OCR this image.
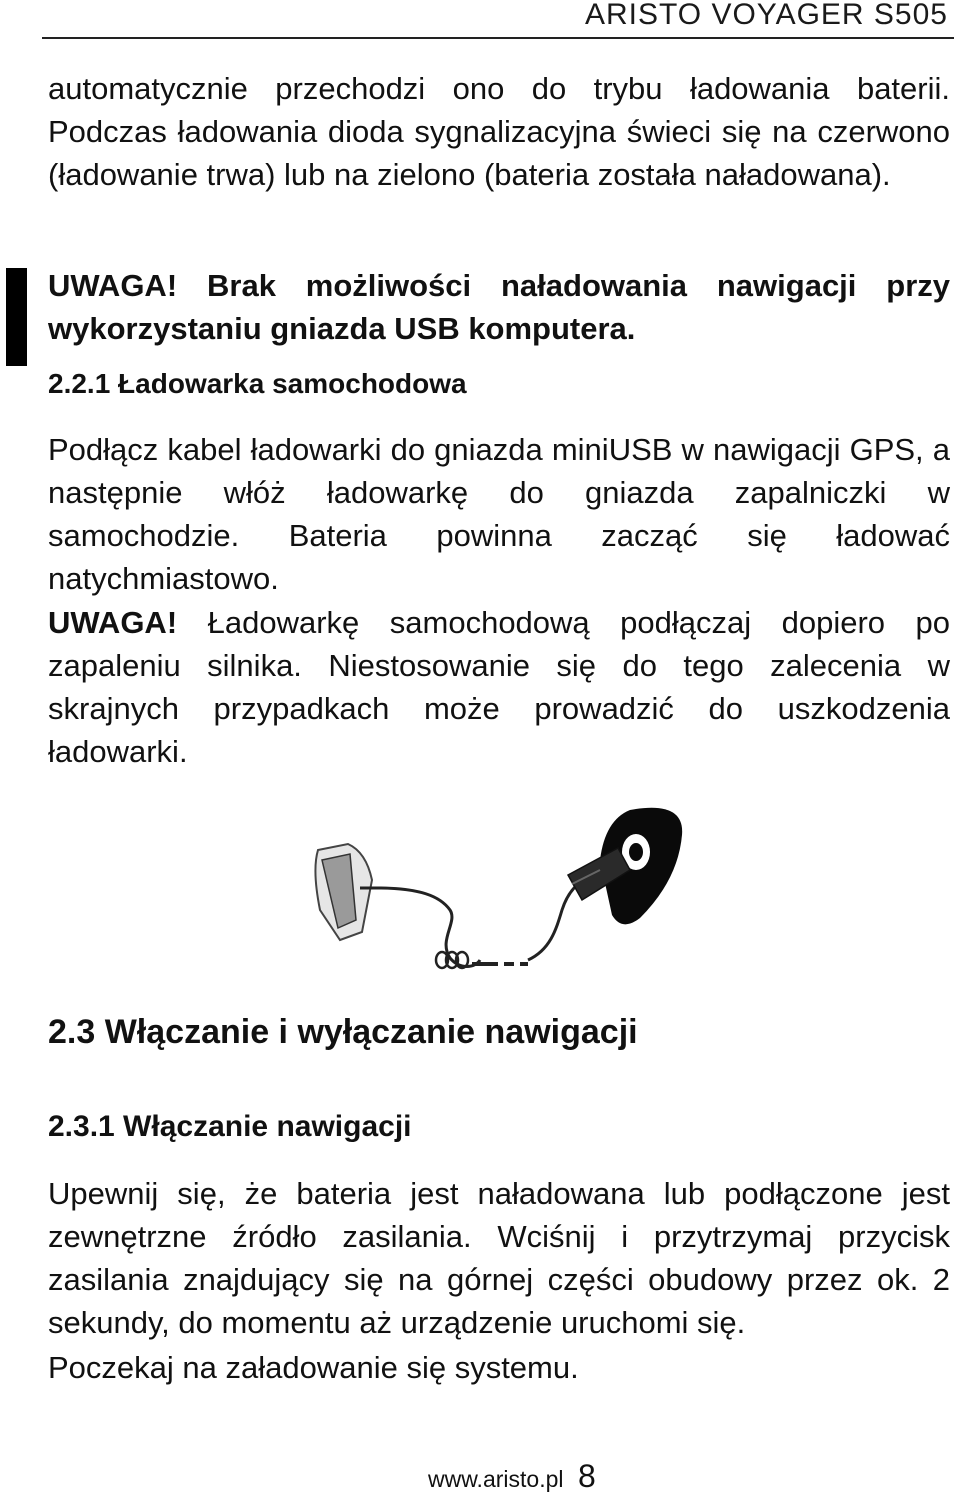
ARISTO VOYAGER S505
automatycznie przechodzi ono do trybu ładowania baterii. Podczas ładowania dioda sygnalizacyjna świeci się na czerwono (ładowanie trwa) lub na zielono (bateria została naładowana).
UWAGA! Brak możliwości naładowania nawigacji przy wykorzystaniu gniazda USB komputera.
2.2.1 Ładowarka samochodowa
Podłącz kabel ładowarki do gniazda miniUSB w nawigacji GPS, a następnie włóż ładowarkę do gniazda zapalniczki w samochodzie. Bateria powinna zacząć się ładować natychmiastowo.
UWAGA! Ładowarkę samochodową podłączaj dopiero po zapaleniu silnika. Niestosowanie się do tego zalecenia w skrajnych przypadkach może prowadzić do uszkodzenia ładowarki.
2.3 Włączanie i wyłączanie nawigacji
2.3.1 Włączanie nawigacji
Upewnij się, że bateria jest naładowana lub podłączone jest zewnętrzne źródło zasilania. Wciśnij i przytrzymaj przycisk zasilania znajdujący się na górnej części obudowy przez ok. 2 sekundy, do momentu aż urządzenie uruchomi się.
Poczekaj na załadowanie się systemu.
www.aristo.pl 8
